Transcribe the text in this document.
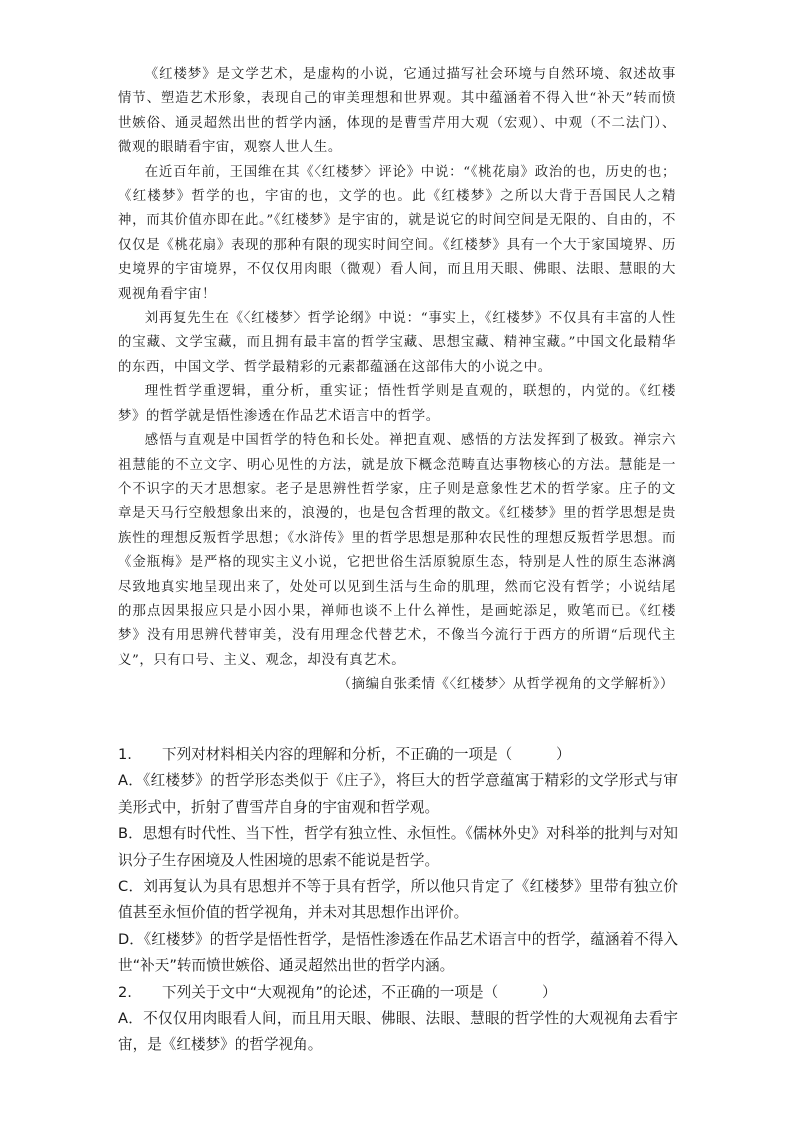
《红楼梦》是文学艺术，是虚构的小说，它通过描写社会环境与自然环境、叙述故事情节、塑造艺术形象，表现自己的审美理想和世界观。其中蕴涵着不得入世“补天”转而愤世嫉俗、通灵超然出世的哲学内涵，体现的是曹雪芹用大观（宏观）、中观（不二法门）、微观的眼睛看宇宙，观察人世人生。

在近百年前，王国维在其《〈红楼梦〉评论》中说：“《桃花扇》政治的也，历史的也；《红楼梦》哲学的也，宇宙的也，文学的也。此《红楼梦》之所以大背于吾国民人之精神，而其价值亦即在此。”《红楼梦》是宇宙的，就是说它的时间空间是无限的、自由的，不仅仅是《桃花扇》表现的那种有限的现实时间空间。《红楼梦》具有一个大于家国境界、历史境界的宇宙境界，不仅仅用肉眼（微观）看人间，而且用天眼、佛眼、法眼、慧眼的大观视角看宇宙！

刘再复先生在《〈红楼梦〉哲学论纲》中说：“事实上，《红楼梦》不仅具有丰富的人性的宝藏、文学宝藏，而且拥有最丰富的哲学宝藏、思想宝藏、精神宝藏。”中国文化最精华的东西，中国文学、哲学最精彩的元素都蕴涵在这部伟大的小说之中。

理性哲学重逻辑，重分析，重实证；悟性哲学则是直观的，联想的，内觉的。《红楼梦》的哲学就是悟性渗透在作品艺术语言中的哲学。

感悟与直观是中国哲学的特色和长处。禅把直观、感悟的方法发挥到了极致。禅宗六祖慧能的不立文字、明心见性的方法，就是放下概念范畴直达事物核心的方法。慧能是一个不识字的天才思想家。老子是思辨性哲学家，庄子则是意象性艺术的哲学家。庄子的文章是天马行空般想象出来的，浪漫的，也是包含哲理的散文。《红楼梦》里的哲学思想是贵族性的理想反叛哲学思想；《水浒传》里的哲学思想是那种农民性的理想反叛哲学思想。而《金瓶梅》是严格的现实主义小说，它把世俗生活原貌原生态，特别是人性的原生态淋漓尽致地真实地呈现出来了，处处可以见到生活与生命的肌理，然而它没有哲学；小说结尾的那点因果报应只是小因小果，禅师也谈不上什么禅性，是画蛇添足，败笔而已。《红楼梦》没有用思辨代替审美，没有用理念代替艺术，不像当今流行于西方的所谓“后现代主义”，只有口号、主义、观念，却没有真艺术。

（摘编自张柔情《〈红楼梦〉从哲学视角的文学解析》）

1. 下列对材料相关内容的理解和分析，不正确的一项是（　　　）

A．《红楼梦》的哲学形态类似于《庄子》，将巨大的哲学意蕴寓于精彩的文学形式与审美形式中，折射了曹雪芹自身的宇宙观和哲学观。

B．思想有时代性、当下性，哲学有独立性、永恒性。《儒林外史》对科举的批判与对知识分子生存困境及人性困境的思索不能说是哲学。

C．刘再复认为具有思想并不等于具有哲学，所以他只肯定了《红楼梦》里带有独立价值甚至永恒价值的哲学视角，并未对其思想作出评价。

D．《红楼梦》的哲学是悟性哲学，是悟性渗透在作品艺术语言中的哲学，蕴涵着不得入世“补天”转而愤世嫉俗、通灵超然出世的哲学内涵。

2. 下列关于文中“大观视角”的论述，不正确的一项是（　　　）

A．不仅仅用肉眼看人间，而且用天眼、佛眼、法眼、慧眼的哲学性的大观视角去看宇宙，是《红楼梦》的哲学视角。
